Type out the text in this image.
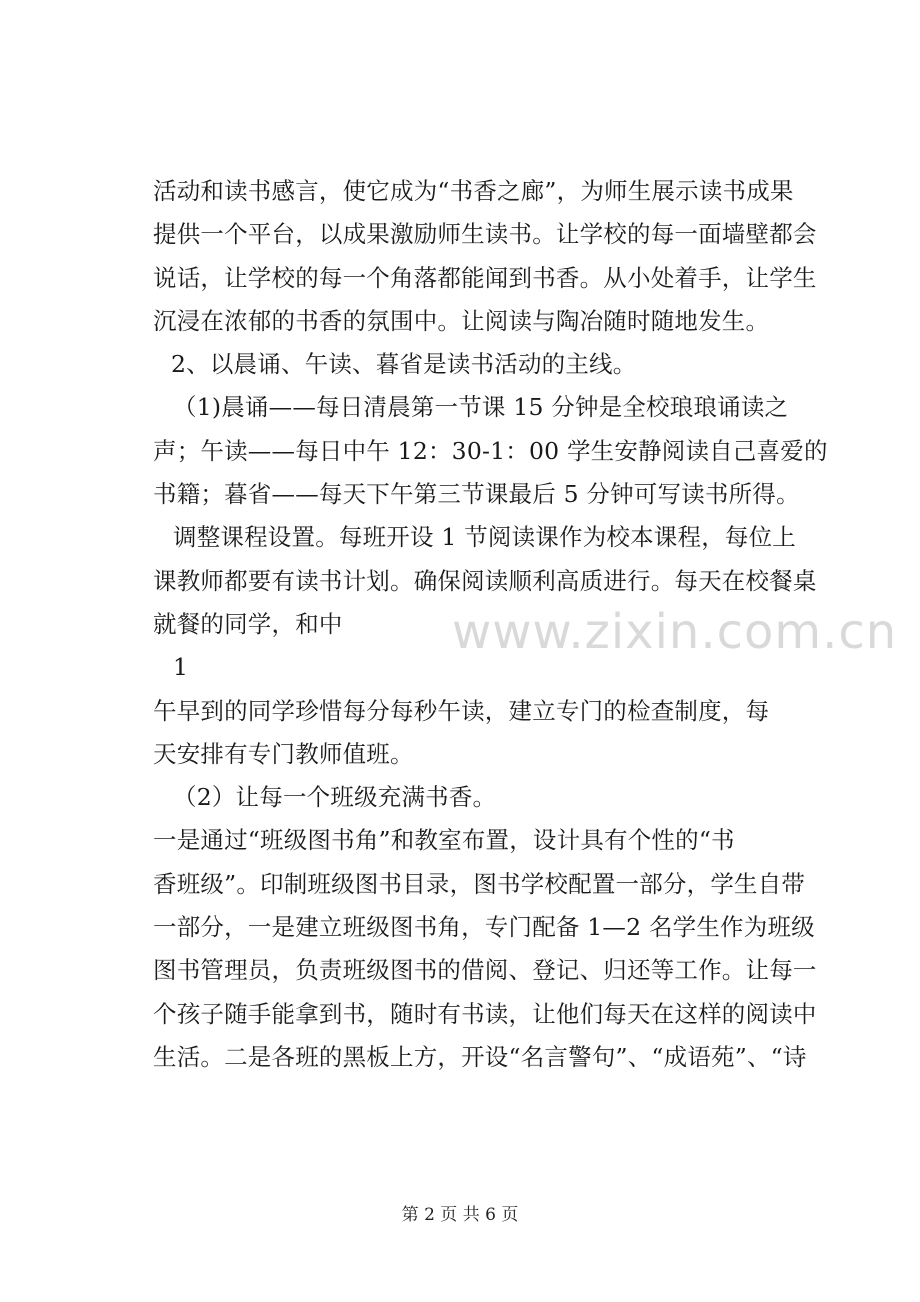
活动和读书感言，使它成为“书香之廊”，为师生展示读书成果
提供一个平台，以成果激励师生读书。让学校的每一面墙壁都会
说话，让学校的每一个角落都能闻到书香。从小处着手，让学生
沉浸在浓郁的书香的氛围中。让阅读与陶冶随时随地发生。
2、以晨诵、午读、暮省是读书活动的主线。
（1)晨诵——每日清晨第一节课 15 分钟是全校琅琅诵读之
声；午读——每日中午 12：30-1：00 学生安静阅读自己喜爱的
书籍；暮省——每天下午第三节课最后 5 分钟可写读书所得。
调整课程设置。每班开设 1 节阅读课作为校本课程，每位上
课教师都要有读书计划。确保阅读顺利高质进行。每天在校餐桌
就餐的同学，和中
1
午早到的同学珍惜每分每秒午读，建立专门的检查制度，每
天安排有专门教师值班。
（2）让每一个班级充满书香。
一是通过“班级图书角”和教室布置，设计具有个性的“书
香班级”。印制班级图书目录，图书学校配置一部分，学生自带
一部分，一是建立班级图书角，专门配备 1—2 名学生作为班级
图书管理员，负责班级图书的借阅、登记、归还等工作。让每一
个孩子随手能拿到书，随时有书读，让他们每天在这样的阅读中
生活。二是各班的黑板上方，开设“名言警句”、“成语苑”、“诗
www.zixin.com.cn
第 2 页 共 6 页
